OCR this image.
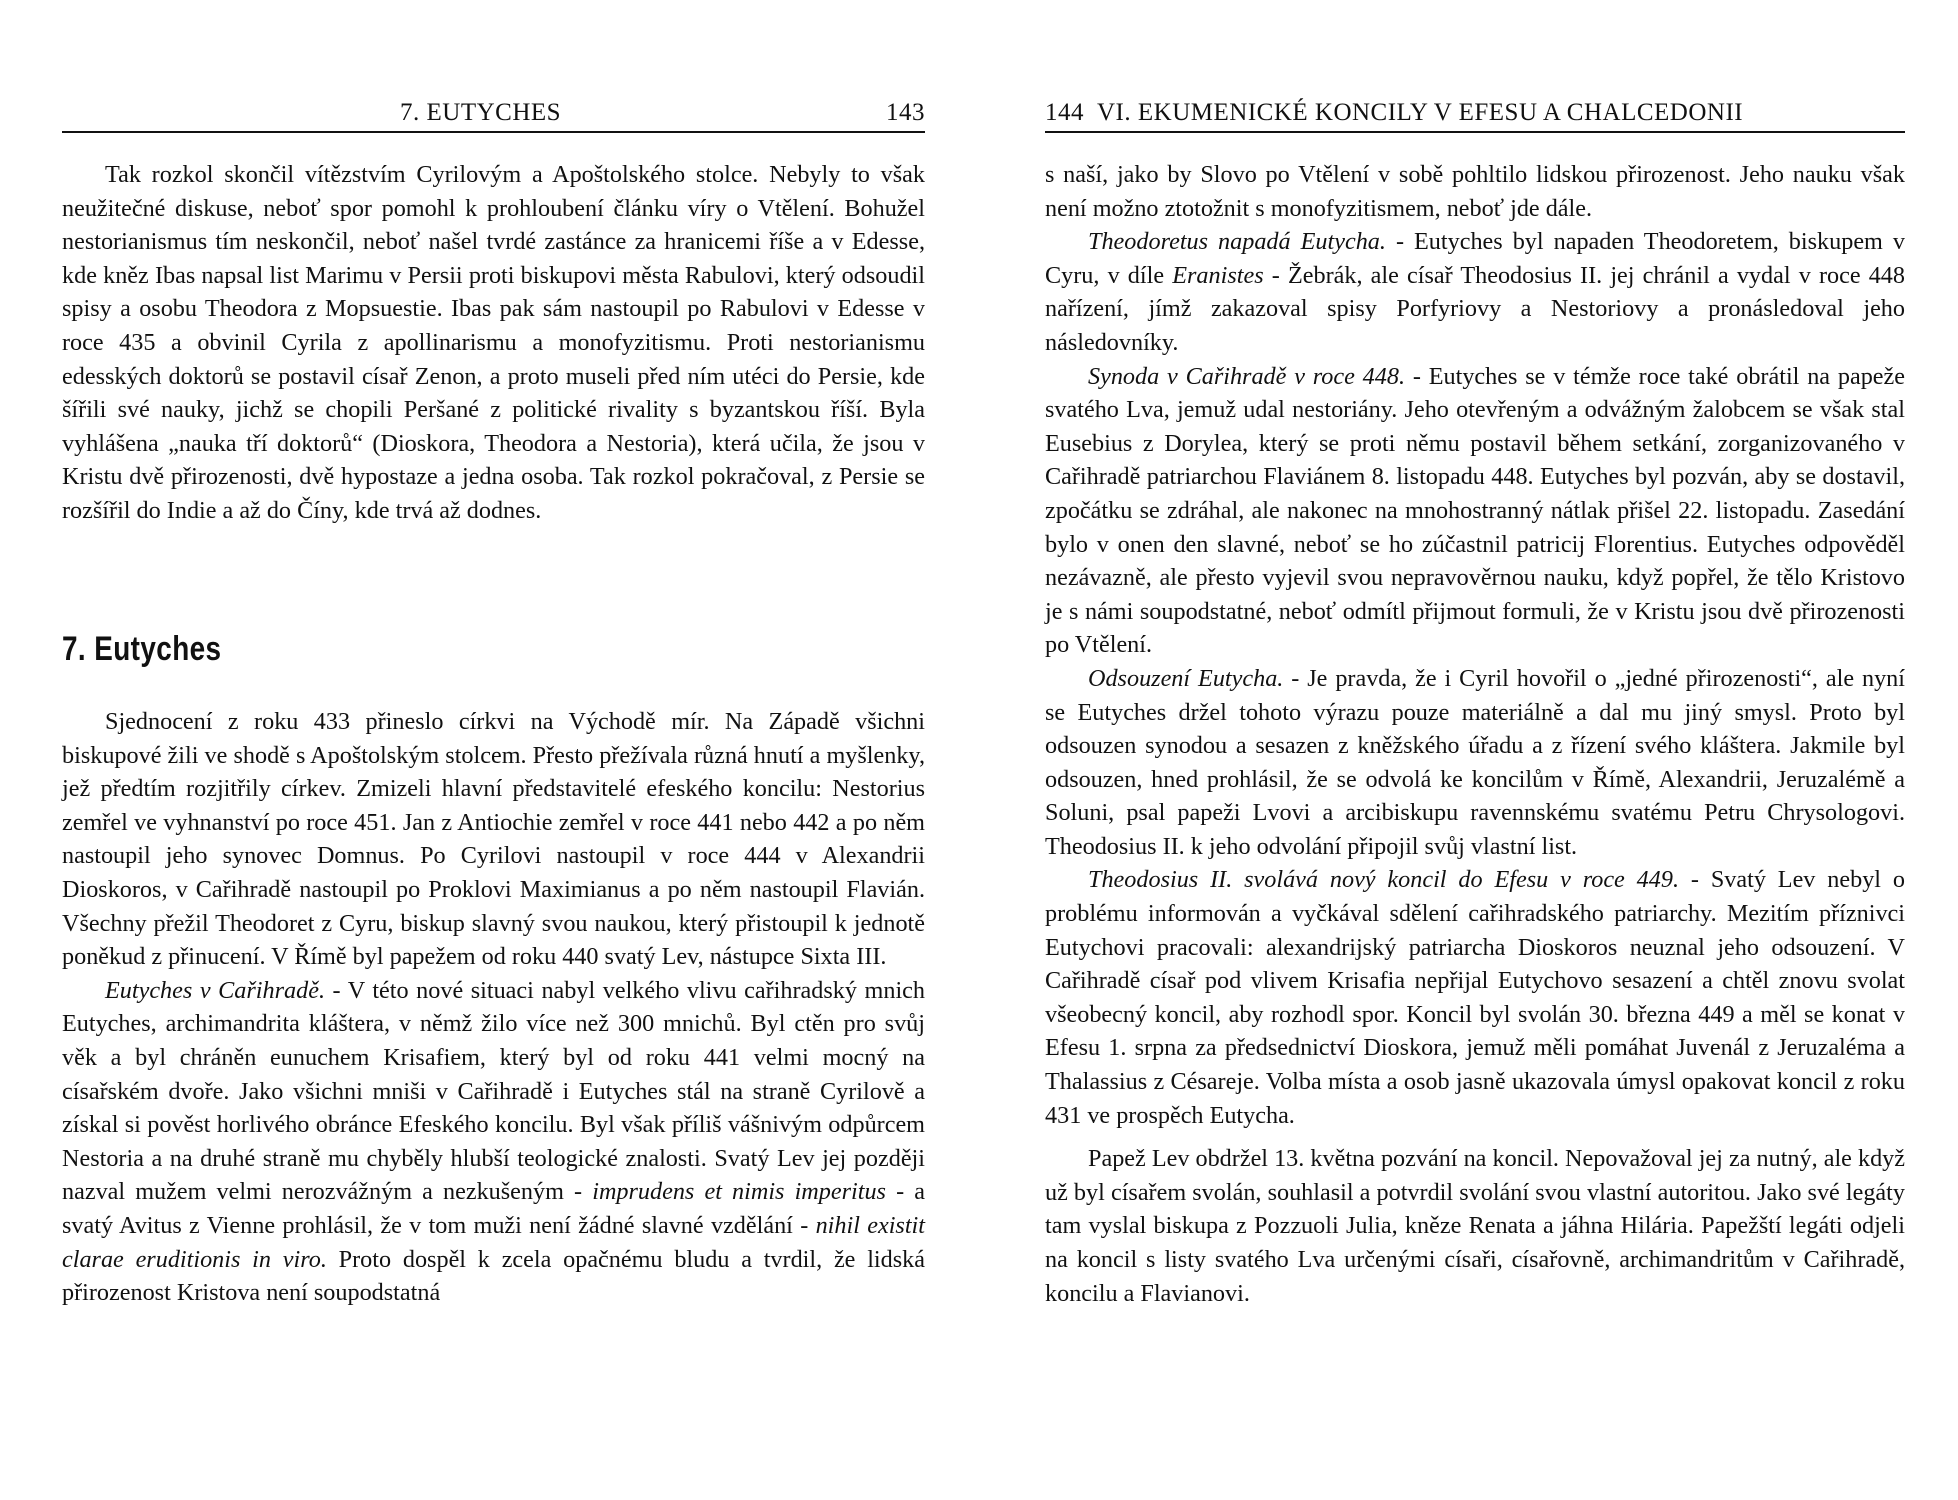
7. EUTYCHES	143

Tak rozkol skončil vítězstvím Cyrilovým a Apoštolského stolce. Nebyly to však neužitečné diskuse, neboť spor pomohl k prohloubení článku víry o Vtělení. Bohužel nestorianismus tím neskončil, neboť našel tvrdé zastánce za hranicemi říše a v Edesse, kde kněz Ibas napsal list Marimu v Persii proti biskupovi města Rabulovi, který odsoudil spisy a osobu Theodora z Mopsuestie. Ibas pak sám nastoupil po Rabulovi v Edesse v roce 435 a obvinil Cyrila z apollinarismu a monofyzitismu. Proti nestorianismu edesských doktorů se postavil císař Zenon, a proto museli před ním utéci do Persie, kde šířili své nauky, jichž se chopili Peršané z politické rivality s byzantskou říší. Byla vyhlášena „nauka tří doktorů“ (Dioskora, Theodora a Nestoria), která učila, že jsou v Kristu dvě přirozenosti, dvě hypostaze a jedna osoba. Tak rozkol pokračoval, z Persie se rozšířil do Indie a až do Číny, kde trvá až dodnes.

7. Eutyches

Sjednocení z roku 433 přineslo církvi na Východě mír. Na Západě všichni biskupové žili ve shodě s Apoštolským stolcem. Přesto přežívala různá hnutí a myšlenky, jež předtím rozjitřily církev. Zmizeli hlavní představitelé efeského koncilu: Nestorius zemřel ve vyhnanství po roce 451. Jan z Antiochie zemřel v roce 441 nebo 442 a po něm nastoupil jeho synovec Domnus. Po Cyrilovi nastoupil v roce 444 v Alexandrii Dioskoros, v Cařihradě nastoupil po Proklovi Maximianus a po něm nastoupil Flavián. Všechny přežil Theodoret z Cyru, biskup slavný svou naukou, který přistoupil k jednotě poněkud z přinucení. V Římě byl papežem od roku 440 svatý Lev, nástupce Sixta III.

Eutyches v Cařihradě. - V této nové situaci nabyl velkého vlivu cařihradský mnich Eutyches, archimandrita kláštera, v němž žilo více než 300 mnichů. Byl ctěn pro svůj věk a byl chráněn eunuchem Krisafiem, který byl od roku 441 velmi mocný na císařském dvoře. Jako všichni mniši v Cařihradě i Eutyches stál na straně Cyrilově a získal si pověst horlivého obránce Efeského koncilu. Byl však příliš vášnivým odpůrcem Nestoria a na druhé straně mu chyběly hlubší teologické znalosti. Svatý Lev jej později nazval mužem velmi nerozvážným a nezkušeným - imprudens et nimis imperitus - a svatý Avitus z Vienne prohlásil, že v tom muži není žádné slavné vzdělání - nihil existit clarae eruditionis in viro. Proto dospěl k zcela opačnému bludu a tvrdil, že lidská přirozenost Kristova není soupodstatná

144 VI. EKUMENICKÉ KONCILY V EFESU A CHALCEDONII

s naší, jako by Slovo po Vtělení v sobě pohltilo lidskou přirozenost. Jeho nauku však není možno ztotožnit s monofyzitismem, neboť jde dále.

Theodoretus napadá Eutycha. - Eutyches byl napaden Theodoretem, biskupem v Cyru, v díle Eranistes - Žebrák, ale císař Theodosius II. jej chránil a vydal v roce 448 nařízení, jímž zakazoval spisy Porfyriovy a Nestoriovy a pronásledoval jeho následovníky.

Synoda v Cařihradě v roce 448. - Eutyches se v témže roce také obrátil na papeže svatého Lva, jemuž udal nestoriány. Jeho otevřeným a odvážným žalobcem se však stal Eusebius z Dorylea, který se proti němu postavil během setkání, zorganizovaného v Cařihradě patriarchou Flaviánem 8. listopadu 448. Eutyches byl pozván, aby se dostavil, zpočátku se zdráhal, ale nakonec na mnohostranný nátlak přišel 22. listopadu. Zasedání bylo v onen den slavné, neboť se ho zúčastnil patricij Florentius. Eutyches odpověděl nezávazně, ale přesto vyjevil svou nepravověrnou nauku, když popřel, že tělo Kristovo je s námi soupodstatné, neboť odmítl přijmout formuli, že v Kristu jsou dvě přirozenosti po Vtělení.

Odsouzení Eutycha. - Je pravda, že i Cyril hovořil o „jedné přirozenosti“, ale nyní se Eutyches držel tohoto výrazu pouze materiálně a dal mu jiný smysl. Proto byl odsouzen synodou a sesazen z kněžského úřadu a z řízení svého kláštera. Jakmile byl odsouzen, hned prohlásil, že se odvolá ke koncilům v Římě, Alexandrii, Jeruzalémě a Soluni, psal papeži Lvovi a arcibiskupu ravennskému svatému Petru Chrysologovi. Theodosius II. k jeho odvolání připojil svůj vlastní list.

Theodosius II. svolává nový koncil do Efesu v roce 449. - Svatý Lev nebyl o problému informován a vyčkával sdělení cařihradského patriarchy. Mezitím příznivci Eutychovi pracovali: alexandrijský patriarcha Dioskoros neuznal jeho odsouzení. V Cařihradě císař pod vlivem Krisafia nepřijal Eutychovo sesazení a chtěl znovu svolat všeobecný koncil, aby rozhodl spor. Koncil byl svolán 30. března 449 a měl se konat v Efesu 1. srpna za předsednictví Dioskora, jemuž měli pomáhat Juvenál z Jeruzaléma a Thalassius z Césareje. Volba místa a osob jasně ukazovala úmysl opakovat koncil z roku 431 ve prospěch Eutycha.

Papež Lev obdržel 13. května pozvání na koncil. Nepovažoval jej za nutný, ale když už byl císařem svolán, souhlasil a potvrdil svolání svou vlastní autoritou. Jako své legáty tam vyslal biskupa z Pozzuoli Julia, kněze Renata a jáhna Hiláriа. Papežští legáti odjeli na koncil s listy svatého Lva určenými císaři, císařovně, archimandritům v Cařihradě, koncilu a Flavianovi.
